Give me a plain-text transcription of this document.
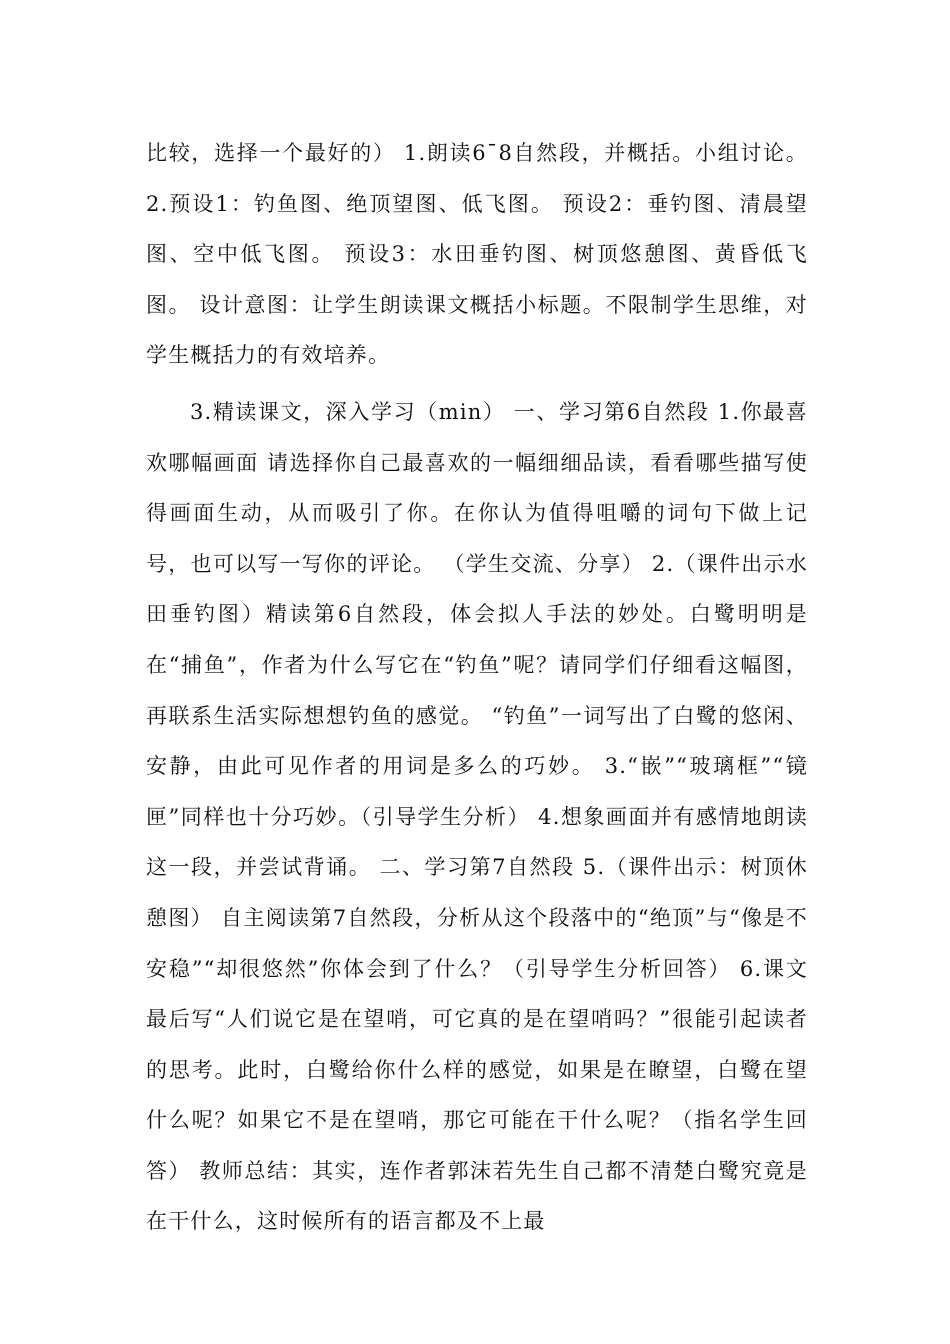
比较，选择一个最好的） 1.朗读6¯8自然段，并概括。小组讨论。 2.预设1：钓鱼图、绝顶望图、低飞图。 预设2：垂钓图、清晨望图、空中低飞图。 预设3：水田垂钓图、树顶悠憩图、黄昏低飞图。 设计意图：让学生朗读课文概括小标题。不限制学生思维，对学生概括力的有效培养。

3.精读课文，深入学习（min） 一、学习第6自然段 1.你最喜欢哪幅画面 请选择你自己最喜欢的一幅细细品读，看看哪些描写使得画面生动，从而吸引了你。在你认为值得咀嚼的词句下做上记号，也可以写一写你的评论。 （学生交流、分享） 2.（课件出示水田垂钓图）精读第6自然段，体会拟人手法的妙处。白鹭明明是在“捕鱼”，作者为什么写它在“钓鱼”呢？请同学们仔细看这幅图，再联系生活实际想想钓鱼的感觉。 “钓鱼”一词写出了白鹭的悠闲、安静，由此可见作者的用词是多么的巧妙。 3.“嵌”“玻璃框”“镜匣”同样也十分巧妙。（引导学生分析） 4.想象画面并有感情地朗读这一段，并尝试背诵。 二、学习第7自然段 5.（课件出示：树顶休憩图） 自主阅读第7自然段，分析从这个段落中的“绝顶”与“像是不安稳”“却很悠然”你体会到了什么？（引导学生分析回答） 6.课文最后写“人们说它是在望哨，可它真的是在望哨吗？”很能引起读者的思考。此时，白鹭给你什么样的感觉，如果是在瞭望，白鹭在望什么呢？如果它不是在望哨，那它可能在干什么呢？（指名学生回答） 教师总结：其实，连作者郭沫若先生自己都不清楚白鹭究竟是在干什么，这时候所有的语言都及不上最
